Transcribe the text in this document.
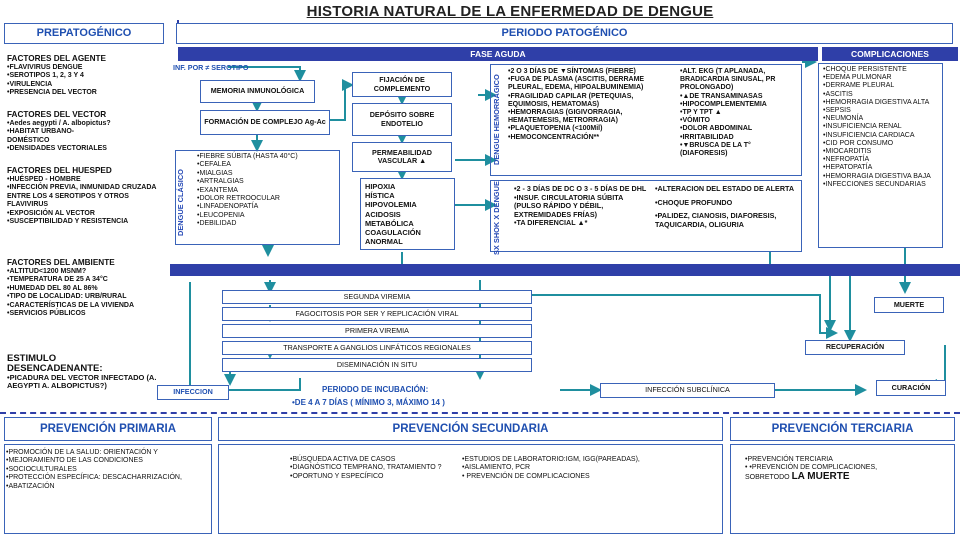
HISTORIA NATURAL DE LA ENFERMEDAD DE DENGUE
PREPATOGÉNICO	PERIODO PATOGÉNICO
FASE AGUDA	COMPLICACIONES
FACTORES DEL AGENTE
•FLAVIVIRUS DENGUE
•SEROTIPOS 1, 2, 3 Y 4
•VIRULENCIA
•PRESENCIA DEL VECTOR
FACTORES DEL VECTOR
•Aedes aegypti / A. albopictus?
•HABITAT URBANO-
DOMÉSTICO
•DENSIDADES VECTORIALES
FACTORES DEL HUESPED
•HUÉSPED - HOMBRE
•INFECCIÓN PREVIA, INMUNIDAD CRUZADA ENTRE LOS 4 SEROTIPOS Y OTROS FLAVIVIRUS
•EXPOSICIÓN AL VECTOR
•SUSCEPTIBILIDAD Y RESISTENCIA
FACTORES DEL AMBIENTE
•ALTITUD<1200 MSNM?
•TEMPERATURA DE 25 A 34°C
•HUMEDAD DEL 80 AL 86%
•TIPO DE LOCALIDAD: URB/RURAL
•CARACTERÍSTICAS DE LA VIVIENDA
•SERVICIOS PÚBLICOS
ESTIMULO
DESENCADENANTE:
•PICADURA DEL VECTOR INFECTADO (A. AEGYPTI A. ALBOPICTUS?)
INF. POR ≠ SEROTIPO
MEMORIA INMUNOLÓGICA
FORMACIÓN DE COMPLEJO Ag-Ac
FIJACIÓN DE COMPLEMENTO
DEPÓSITO SOBRE ENDOTELIO
PERMEABILIDAD VASCULAR ▲
DENGUE CLÁSICO
•FIEBRE SÚBITA (HASTA 40°C)
•CEFALEA
•MIALGIAS
•ARTRALGIAS
•EXANTEMA
•DOLOR RETROOCULAR
•LINFADENOPATÍA
•LEUCOPENIA
•DEBILIDAD
HIPOXIA
HÍSTICA
HIPOVOLEMIA
ACIDOSIS
METABÓLICA
COAGULACIÓN
ANORMAL
DENGUE HEMORRÁGICO
•2 O 3 DÍAS DE ▼SÍNTOMAS (FIEBRE)
•FUGA DE PLASMA (ASCITIS, DERRAME PLEURAL, EDEMA, HIPOALBUMINEMIA)
•FRAGILIDAD CAPILAR (PETEQUIAS, EQUIMOSIS, HEMATOMAS)
•HEMORRAGIAS (GIGIVORRAGIA, HEMATEMESIS, METRORRAGIA)
•PLAQUETOPENIA (<100Mil)
•HEMOCONCENTRACIÓN**
•ALT. EKG (T APLANADA, BRADICARDIA SINUSAL, PR PROLONGADO)
•▲DE TRANSAMINASAS
•HIPOCOMPLEMENTEMIA
•TP Y TPT ▲
•VÓMITO
•DOLOR ABDOMINAL
•IRRITABILIDAD
•▼BRUSCA DE LA T° (DIAFORESIS)
SX SHOK X DENGUE •2 - 3 DÍAS DE DC O 3 - 5 DÍAS DE DHL
•INSUF. CIRCULATORIA SÚBITA (PULSO RÁPIDO Y DÉBIL, EXTREMIDADES FRÍAS)
•TA DIFERENCIAL ▲*
•ALTERACION DEL ESTADO DE ALERTA
•CHOQUE PROFUNDO
•PALIDEZ, CIANOSIS, DIAFORESIS, TAQUICARDIA, OLIGURIA
•CHOQUE PERSISTENTE
•EDEMA PULMONAR
•DERRAME PLEURAL
•ASCITIS
•HEMORRAGIA DIGESTIVA ALTA
•SEPSIS
•NEUMONÍA
•INSUFICIENCIA RENAL
•INSUFICIENCIA CARDIACA
•CID POR CONSUMO
•MIOCARDITIS
•NEFROPATÍA
•HEPATOPATÍA
•HEMORRAGIA DIGESTIVA BAJA
•INFECCIONES SECUNDARIAS
MUERTE
RECUPERACIÓN
CURACIÓN
SEGUNDA VIREMIA
FAGOCITOSIS POR SER Y REPLICACIÓN VIRAL
PRIMERA VIREMIA
TRANSPORTE A GANGLIOS LINFÁTICOS REGIONALES
DISEMINACIÓN IN SITU
INFECCION	PERIODO DE INCUBACIÓN:
•DE 4 A 7 DÍAS ( MÍNIMO 3, MÁXIMO 14 )
INFECCIÓN SUBCLÍNICA
PREVENCIÓN PRIMARIA	PREVENCIÓN SECUNDARIA	PREVENCIÓN TERCIARIA
•PROMOCIÓN DE LA SALUD: ORIENTACIÓN Y
•MEJORAMIENTO DE LAS CONDICIONES
•SOCIOCULTURALES
•PROTECCIÓN ESPECÍFICA: DESCACHARRIZACIÓN,
•ABATIZACIÓN
•BÚSQUEDA ACTIVA DE CASOS
•DIAGNÓSTICO TEMPRANO, TRATAMIENTO ?
•OPORTUNO Y ESPECÍFICO
•ESTUDIOS DE LABORATORIO:IGM, IGG(PAREADAS),
•AISLAMIENTO, PCR
• PREVENCIÓN DE COMPLICACIONES
•PREVENCIÓN TERCIARIA
• •PREVENCIÓN DE COMPLICACIONES,
SOBRETODO LA MUERTE
